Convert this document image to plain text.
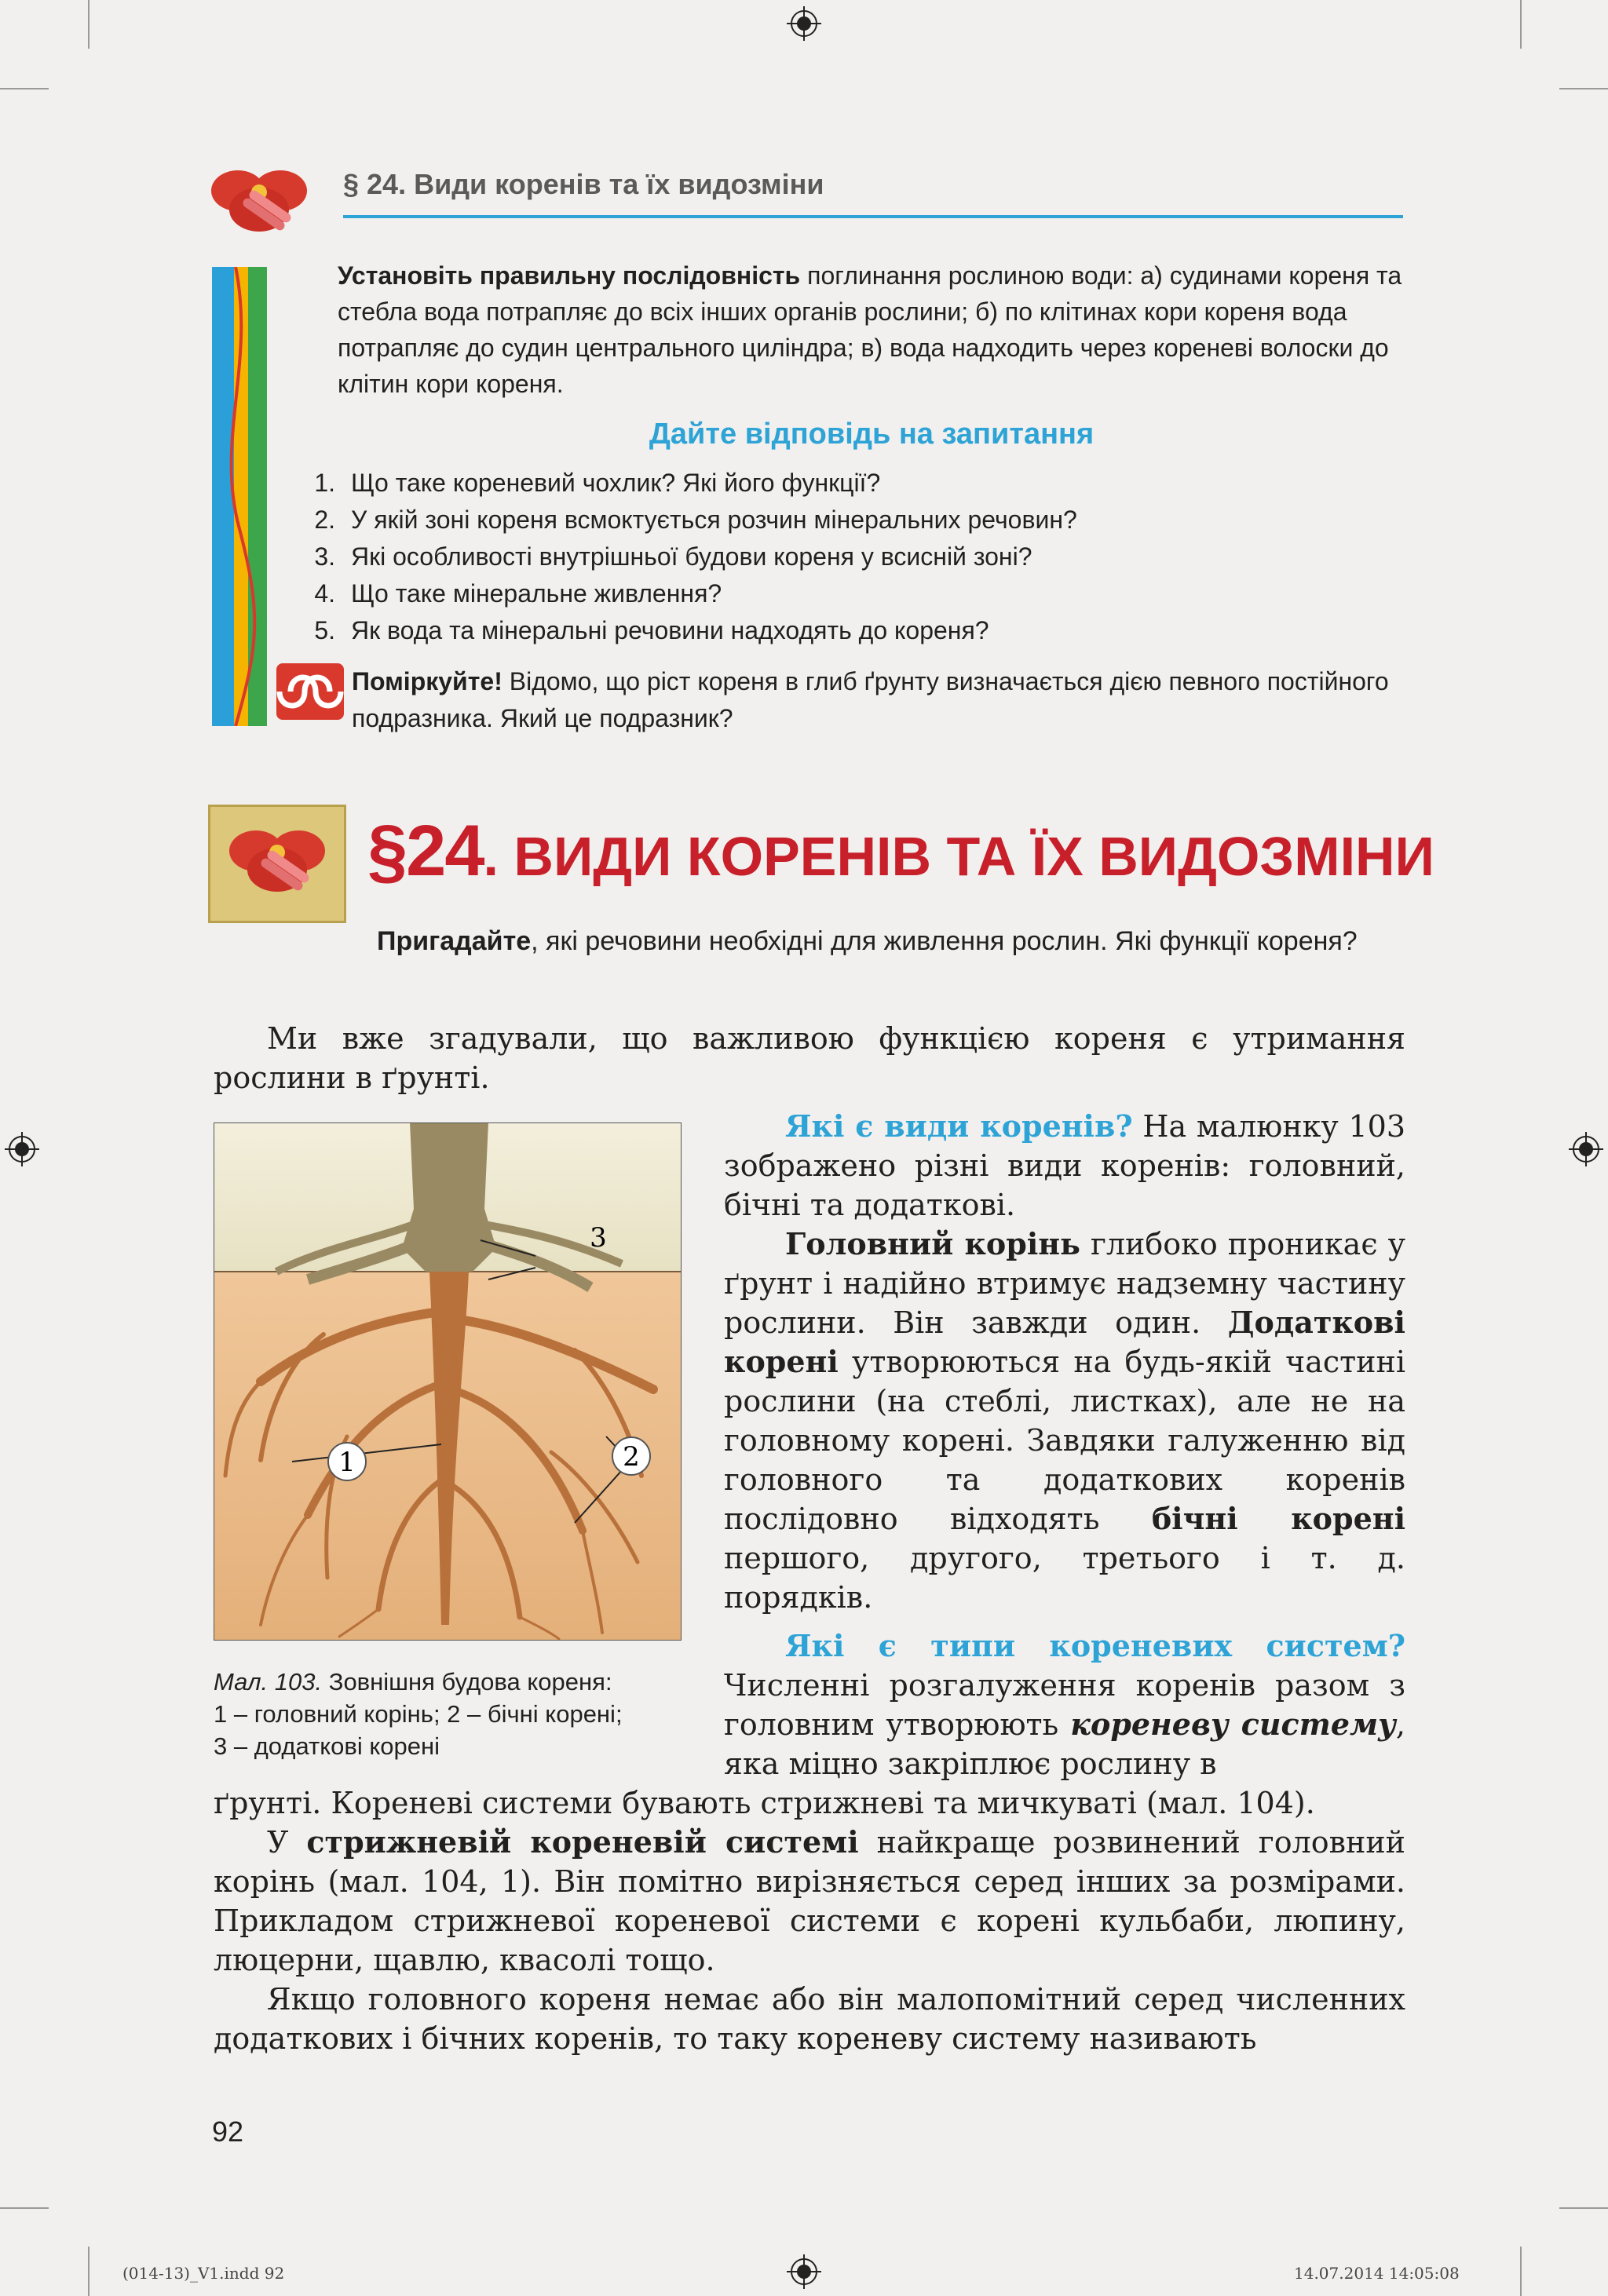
§ 24. Види коренів та їх видозміни
Установіть правильну послідовність поглинання рослиною води: а) судинами кореня та стебла вода потрапляє до всіх інших органів рослини; б) по клітинах кори кореня вода потрапляє до судин центрального циліндра; в) вода надходить через кореневі волоски до клітин кори кореня.
Дайте відповідь на запитання
1. Що таке кореневий чохлик? Які його функції?
2. У якій зоні кореня всмоктується розчин мінеральних речовин?
3. Які особливості внутрішньої будови кореня у всисній зоні?
4. Що таке мінеральне живлення?
5. Як вода та мінеральні речовини надходять до кореня?
Поміркуйте! Відомо, що ріст кореня в глиб ґрунту визначається дією певного постійного подразника. Який це подразник?
§24. ВИДИ КОРЕНІВ ТА ЇХ ВИДОЗМІНИ
Пригадайте, які речовини необхідні для живлення рослин. Які функції кореня?
Ми вже згадували, що важливою функцією кореня є утримання рослини в ґрунті.
1	2
3
Мал. 103. Зовнішня будова кореня:
1 – головний корінь; 2 – бічні корені;
3 – додаткові корені
Які є види коренів? На малюнку 103 зображено різні види коренів: головний, бічні та додаткові.
Головний корінь глибоко проникає у ґрунт і надійно втримує надземну частину рослини. Він завжди один. Додаткові корені утворюються на будь-якій частині рослини (на стеблі, листках), але не на головному корені. Завдяки галуженню від головного та додаткових коренів послідовно відходять бічні корені першого, другого, третього і т. д. порядків.
Які є типи кореневих систем? Численні розгалуження коренів разом з головним утворюють кореневу систему, яка міцно закріплює рослину в
ґрунті. Кореневі системи бувають стрижневі та мичкуваті (мал. 104).
У стрижневій кореневій системі найкраще розвинений головний корінь (мал. 104, 1). Він помітно вирізняється серед інших за розмірами. Прикладом стрижневої кореневої системи є корені кульбаби, люпину, люцерни, щавлю, квасолі тощо.
Якщо головного кореня немає або він малопомітний серед численних додаткових і бічних коренів, то таку кореневу систему називають
92
(014-13)_V1.indd 92	14.07.2014 14:05:08
